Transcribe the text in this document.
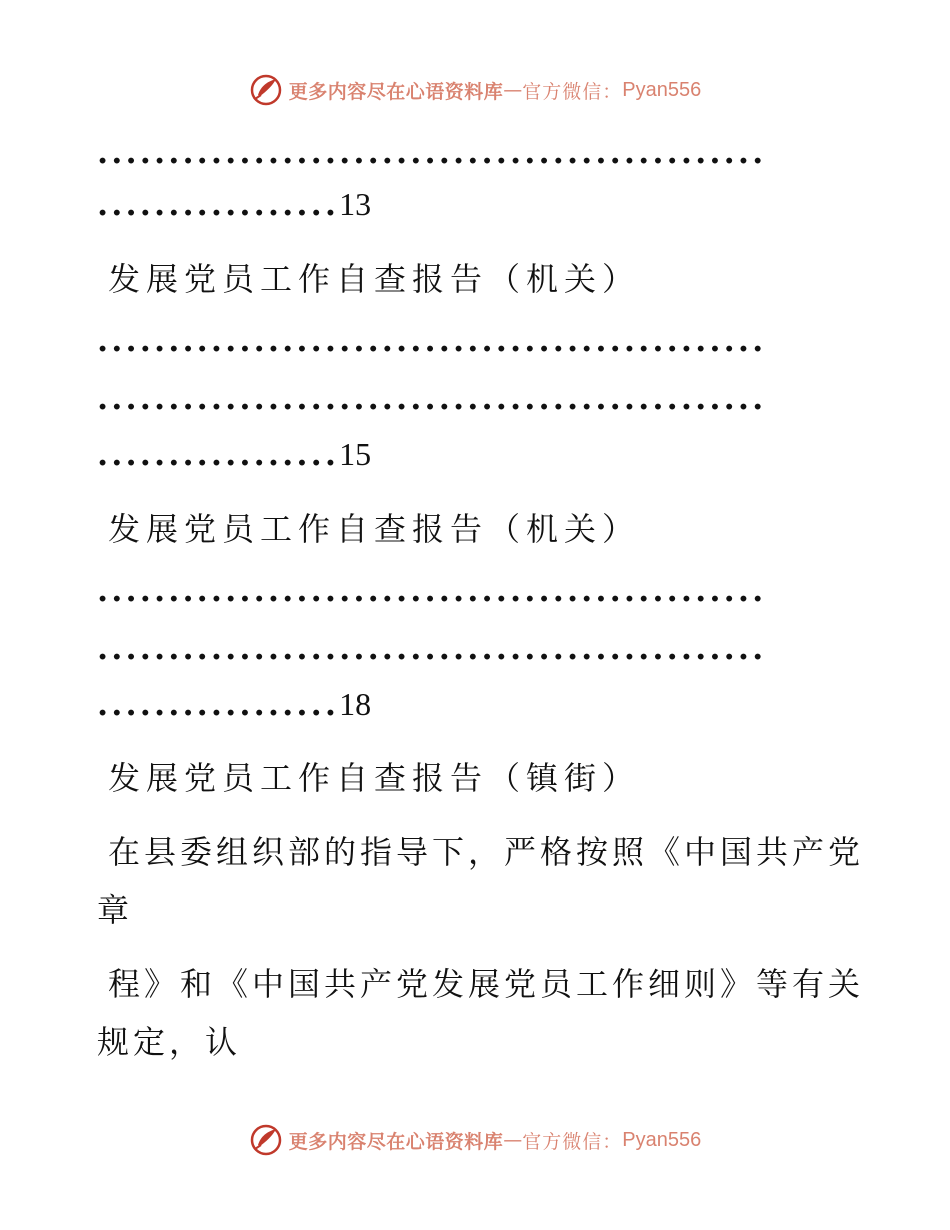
更多内容尽在心语资料库 — 官方微信： Pyan556
...............................................
.................13
发展党员工作自查报告（机关）
...............................................
...............................................
.................15
发展党员工作自查报告（机关）
...............................................
...............................................
.................18
发展党员工作自查报告（镇街）
在县委组织部的指导下，严格按照《中国共产党
章
程》和《中国共产党发展党员工作细则》等有关
规定，认
更多内容尽在心语资料库 — 官方微信： Pyan556
